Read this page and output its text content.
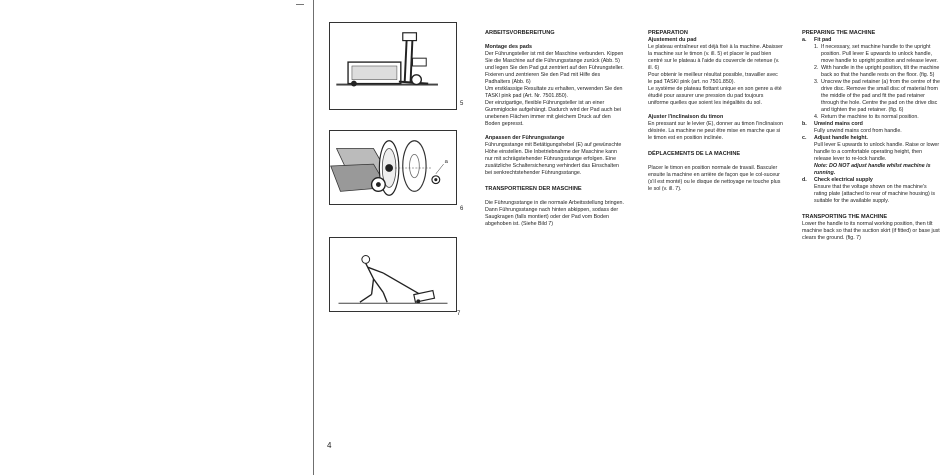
5
a
6
7
ARBEITSVORBEREITUNG
Montage des pads

Der Führungsteller ist mit der Maschine verbunden. Kippen Sie die Maschine auf die Führungsstange zurück (Abb. 5) und legen Sie den Pad gut zentriert auf den Führungsteller. Fixieren und zentrieren Sie den Pad mit Hilfe des Padhalters (Abb. 6)

Um erstklassige Resultate zu erhalten, verwenden Sie den TASKI pink pad (Art. Nr. 7501.850).

Der einzigartige, flexible Führungsteller ist an einer Gummiglocke aufgehängt. Dadurch wird der Pad auch bei unebenen Flächen immer mit gleichem Druck auf den Boden gepresst.

Anpassen der Führungsstange

Führungsstange mit Betätigungshebel (E) auf gewünschte Höhe einstellen. Die Inbetriebnahme der Maschine kann nur mit schrägstehender Führungsstange erfolgen. Eine zusätzliche Schaltersicherung verhindert das Einschalten bei senkrechtstehender Führungsstange.

TRANSPORTIEREN DER MASCHINE

Die Führungsstange in die normale Arbeitsstellung bringen. Dann Führungsstange nach hinten abkippen, sodass der Saugkragen (falls montiert) oder der Pad vom Boden abgehoben ist. (Siehe Bild 7)

PREPARATION
Ajustement du pad

Le plateau entraîneur est déjà fixé à la machine. Abaisser la machine sur le timon (v. ill. 5) et placer le pad bien centré sur le plateau à l'aide du couvercle de retenue (v. ill. 6)

Pour obtenir le meilleur résultat possible, travailler avec le pad TASKI pink (art. no 7501.850).

Le système de plateau flottant unique en son genre a été étudié pour assurer une pression du pad toujours uniforme quelles que soient les inégalités du sol.

Ajuster l'inclinaison du timon

En pressant sur le levier (E), donner au timon l'inclinaison désirée. La machine ne peut être mise en marche que si le timon est en position inclinée.

DÉPLACEMENTS DE LA MACHINE

Placer le timon en position normale de travail. Basculer ensuite la machine en arrière de façon que le col-suceur (s'il est monté) ou le disque de nettoyage ne touche plus le sol (v. ill. 7).

PREPARING THE MACHINE
a.	Fit pad
1. If necessary, set machine handle to the upright position. Pull lever E upwards to unlock handle, move handle to upright position and release lever.
2. With handle in the upright position, tilt the machine back so that the handle rests on the floor. (fig. 5)
3. Unscrew the pad retainer (a) from the centre of the drive disc. Remove the small disc of material from the middle of the pad and fit the pad retainer through the hole. Centre the pad on the drive disc and tighten the pad retainer. (fig. 6)
4. Return the machine to its normal position.
b.	Unwind mains cord

Fully unwind mains cord from handle.

c.	Adjust handle height.

Pull lever E upwards to unlock handle. Raise or lower handle to a comfortable operating height, then release lever to re-lock handle.

Note: DO NOT adjust handle whilst machine is running.

d.	Check electrical supply

Ensure that the voltage shown on the machine's rating plate (attached to rear of machine housing) is suitable for the available supply.

TRANSPORTING THE MACHINE

Lower the handle to its normal working position, then tilt machine back so that the suction skirt (if fitted) or base just clears the ground. (fig. 7)

4
